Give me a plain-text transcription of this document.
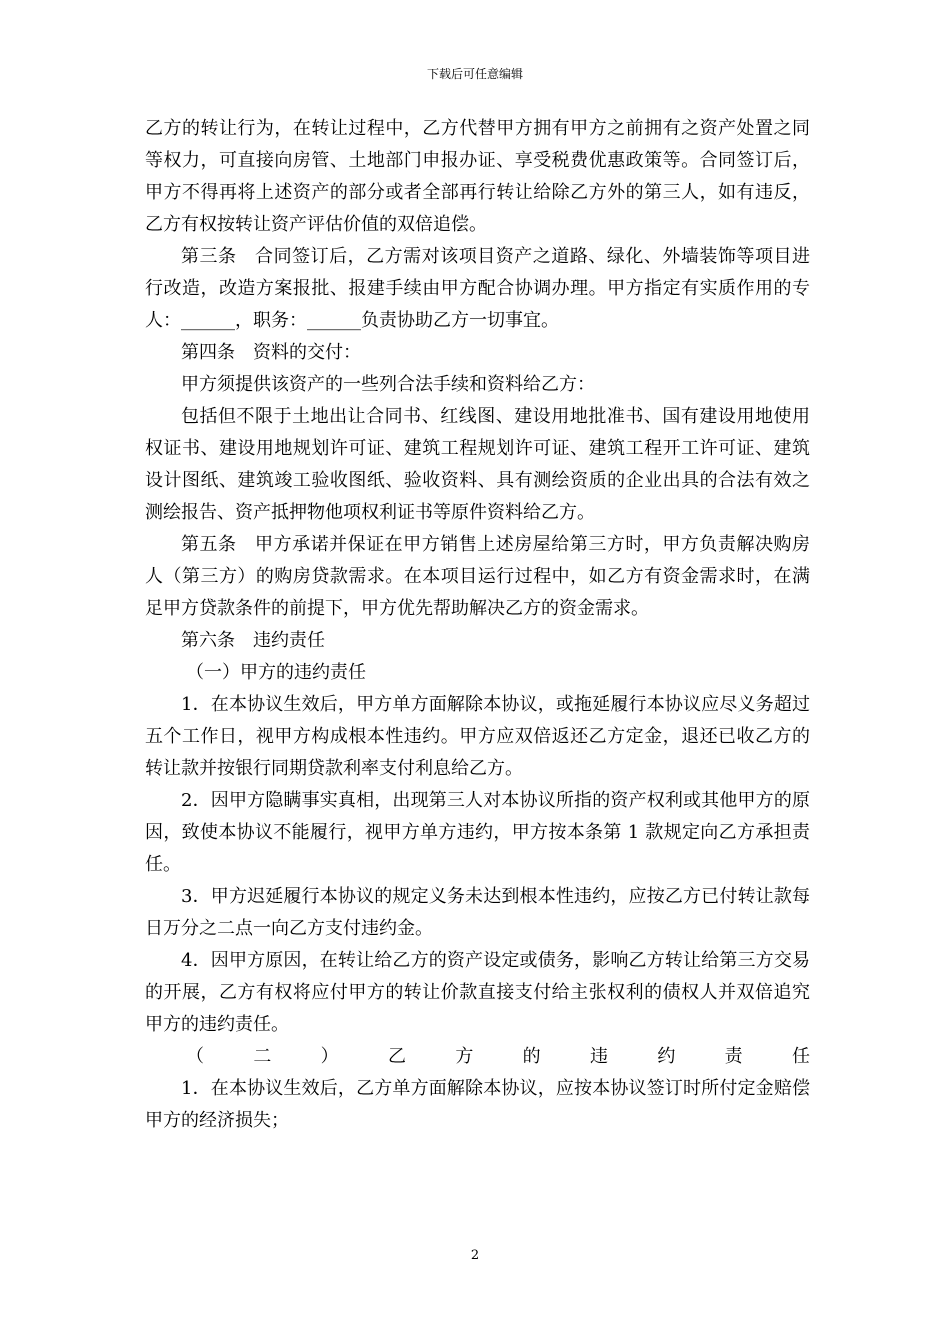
下载后可任意编辑

乙方的转让行为，在转让过程中，乙方代替甲方拥有甲方之前拥有之资产处置之同等权力，可直接向房管、土地部门申报办证、享受税费优惠政策等。合同签订后，甲方不得再将上述资产的部分或者全部再行转让给除乙方外的第三人，如有违反，乙方有权按转让资产评估价值的双倍追偿。

第三条　合同签订后，乙方需对该项目资产之道路、绿化、外墙装饰等项目进行改造，改造方案报批、报建手续由甲方配合协调办理。甲方指定有实质作用的专人：______，职务：______负责协助乙方一切事宜。

第四条　资料的交付：

甲方须提供该资产的一些列合法手续和资料给乙方：

包括但不限于土地出让合同书、红线图、建设用地批准书、国有建设用地使用权证书、建设用地规划许可证、建筑工程规划许可证、建筑工程开工许可证、建筑设计图纸、建筑竣工验收图纸、验收资料、具有测绘资质的企业出具的合法有效之测绘报告、资产抵押物他项权利证书等原件资料给乙方。

第五条　甲方承诺并保证在甲方销售上述房屋给第三方时，甲方负责解决购房人（第三方）的购房贷款需求。在本项目运行过程中，如乙方有资金需求时，在满足甲方贷款条件的前提下，甲方优先帮助解决乙方的资金需求。

第六条　违约责任

（一）甲方的违约责任

1．在本协议生效后，甲方单方面解除本协议，或拖延履行本协议应尽义务超过五个工作日，视甲方构成根本性违约。甲方应双倍返还乙方定金，退还已收乙方的转让款并按银行同期贷款利率支付利息给乙方。

2．因甲方隐瞒事实真相，出现第三人对本协议所指的资产权利或其他甲方的原因，致使本协议不能履行，视甲方单方违约，甲方按本条第 1 款规定向乙方承担责任。

3．甲方迟延履行本协议的规定义务未达到根本性违约，应按乙方已付转让款每日万分之二点一向乙方支付违约金。

4．因甲方原因，在转让给乙方的资产设定或债务，影响乙方转让给第三方交易的开展，乙方有权将应付甲方的转让价款直接支付给主张权利的债权人并双倍追究甲方的违约责任。

（二）乙方的违约责任

1．在本协议生效后，乙方单方面解除本协议，应按本协议签订时所付定金赔偿甲方的经济损失；

2
